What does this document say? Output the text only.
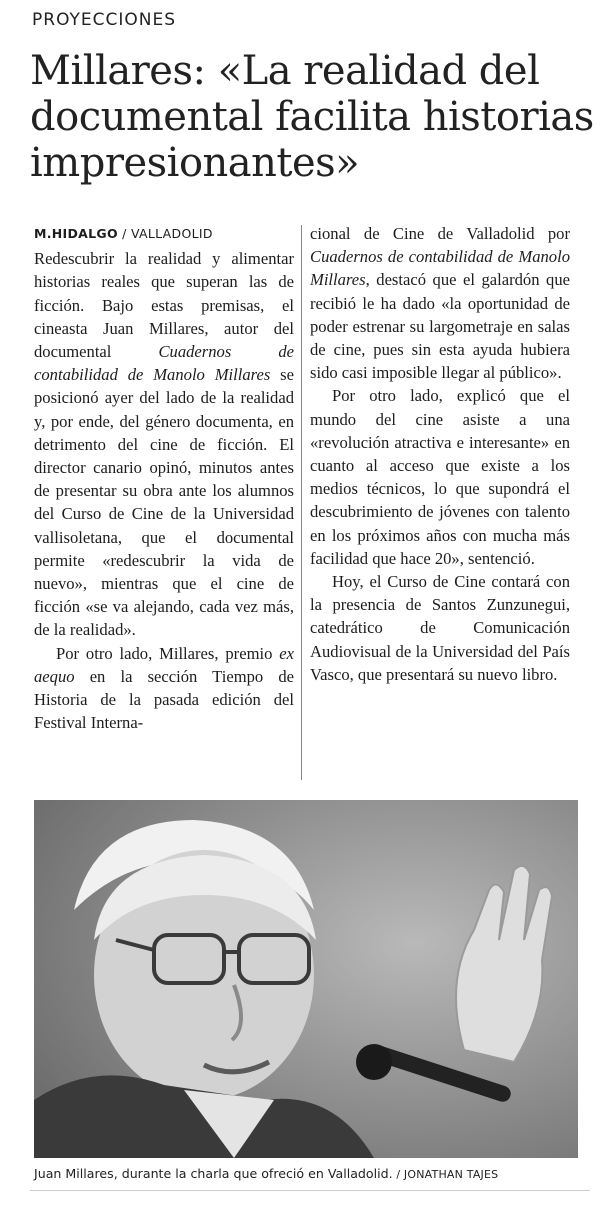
PROYECCIONES
Millares: «La realidad del documental facilita historias impresionantes»
M.HIDALGO / VALLADOLID

Redescubrir la realidad y alimentar historias reales que superan las de ficción. Bajo estas premisas, el cineasta Juan Millares, autor del documental Cuadernos de contabilidad de Manolo Millares se posicionó ayer del lado de la realidad y, por ende, del género documenta, en detrimento del cine de ficción. El director canario opinó, minutos antes de presentar su obra ante los alumnos del Curso de Cine de la Universidad vallisoletana, que el documental permite «redescubrir la vida de nuevo», mientras que el cine de ficción «se va alejando, cada vez más, de la realidad».

Por otro lado, Millares, premio ex aequo en la sección Tiempo de Historia de la pasada edición del Festival Interna-

cional de Cine de Valladolid por Cuadernos de contabilidad de Manolo Millares, destacó que el galardón que recibió le ha dado «la oportunidad de poder estrenar su largometraje en salas de cine, pues sin esta ayuda hubiera sido casi imposible llegar al público».

Por otro lado, explicó que el mundo del cine asiste a una «revolución atractiva e interesante» en cuanto al acceso que existe a los medios técnicos, lo que supondrá el descubrimiento de jóvenes con talento en los próximos años con mucha más facilidad que hace 20», sentenció.

Hoy, el Curso de Cine contará con la presencia de Santos Zunzunegui, catedrático de Comunicación Audiovisual de la Universidad del País Vasco, que presentará su nuevo libro.

Juan Millares, durante la charla que ofreció en Valladolid. / JONATHAN TAJES
